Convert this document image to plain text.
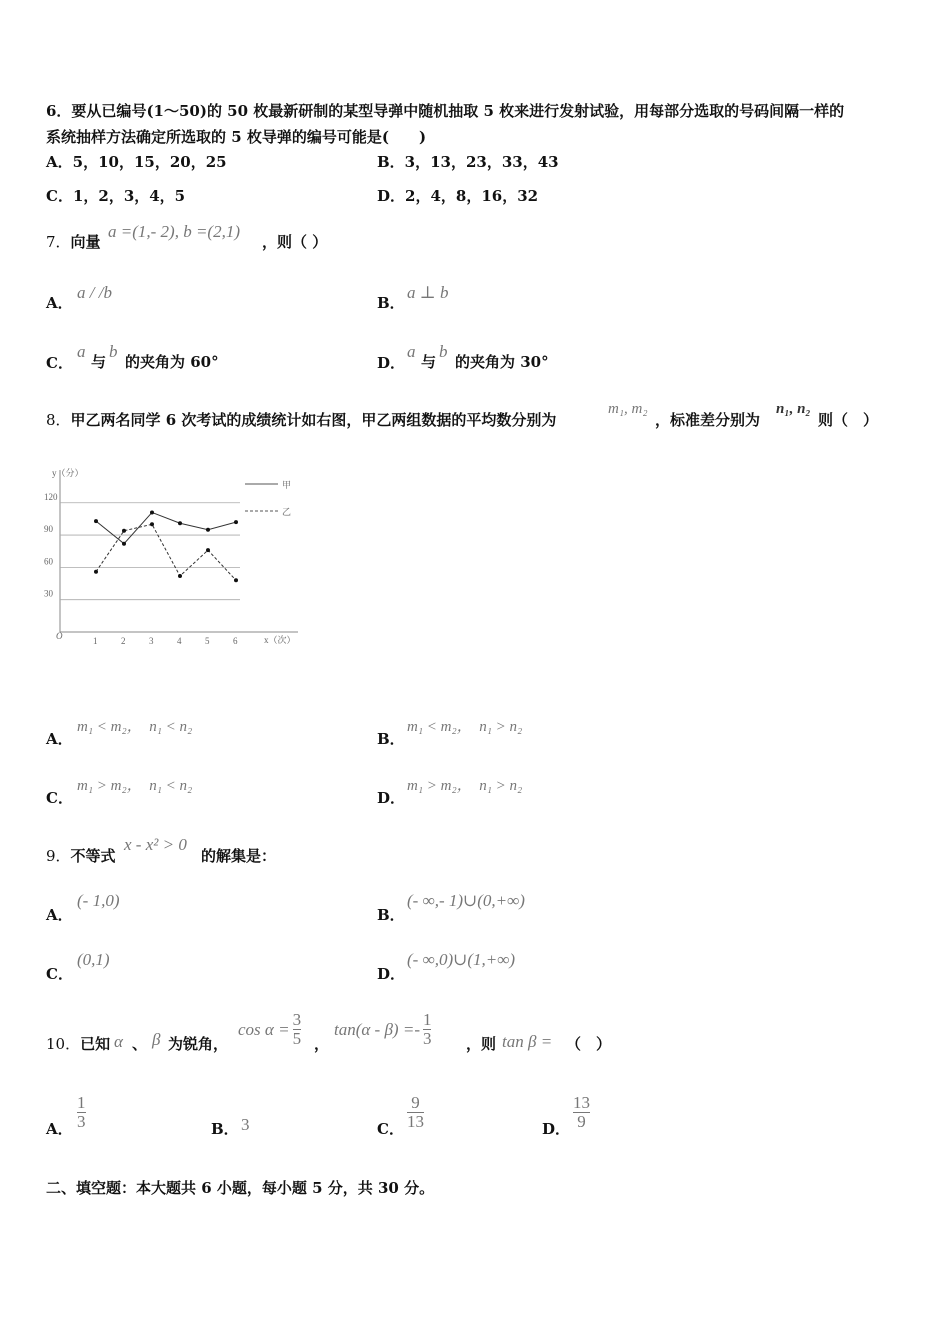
6．要从已编号(1～50)的 50 枚最新研制的某型导弹中随机抽取 5 枚来进行发射试验，用每部分选取的号码间隔一样的
系统抽样方法确定所选取的 5 枚导弹的编号可能是(　　)
A．5，10，15，20，25	B．3，13，23，33，43
C．1，2，3，4，5	D．2，4，8，16，32
7．向量
a =(1,- 2), b =(2,1)
，则（ ）
A．
a / /b
B．
a ⊥ b
C．
a
与
b
的夹角为 60°	D．
a
与
b
的夹角为 30°
8．甲乙两名同学 6 次考试的成绩统计如右图，甲乙两组数据的平均数分别为
m₁, m₂
，标准差分别为
n₁, n₂
则（　）
y（分）
x（次）
O
30
60
90
120
1	2	3	4	5	6
甲
乙
A．
m₁ < m₂，　n₁ < n₂
B．
m₁ < m₂，　n₁ > n₂
C．
m₁ > m₂，　n₁ < n₂
D．
m₁ > m₂，　n₁ > n₂
9．不等式
x - x² > 0
的解集是：
A．
(- 1,0)
B．
(- ∞,- 1)∪(0,+∞)
C．
(0,1)
D．
(- ∞,0)∪(1,+∞)
10．已知 α 、 β 为锐角，
$\cos \alpha = \frac{3}{5}$ ，
$\tan(\alpha - \beta) =- \frac{1}{3}$ ，则 tan β = （　）
A．
1
3	B． 3	C．
9
13	D．
13
9
二、填空题：本大题共 6 小题，每小题 5 分，共 30 分。
